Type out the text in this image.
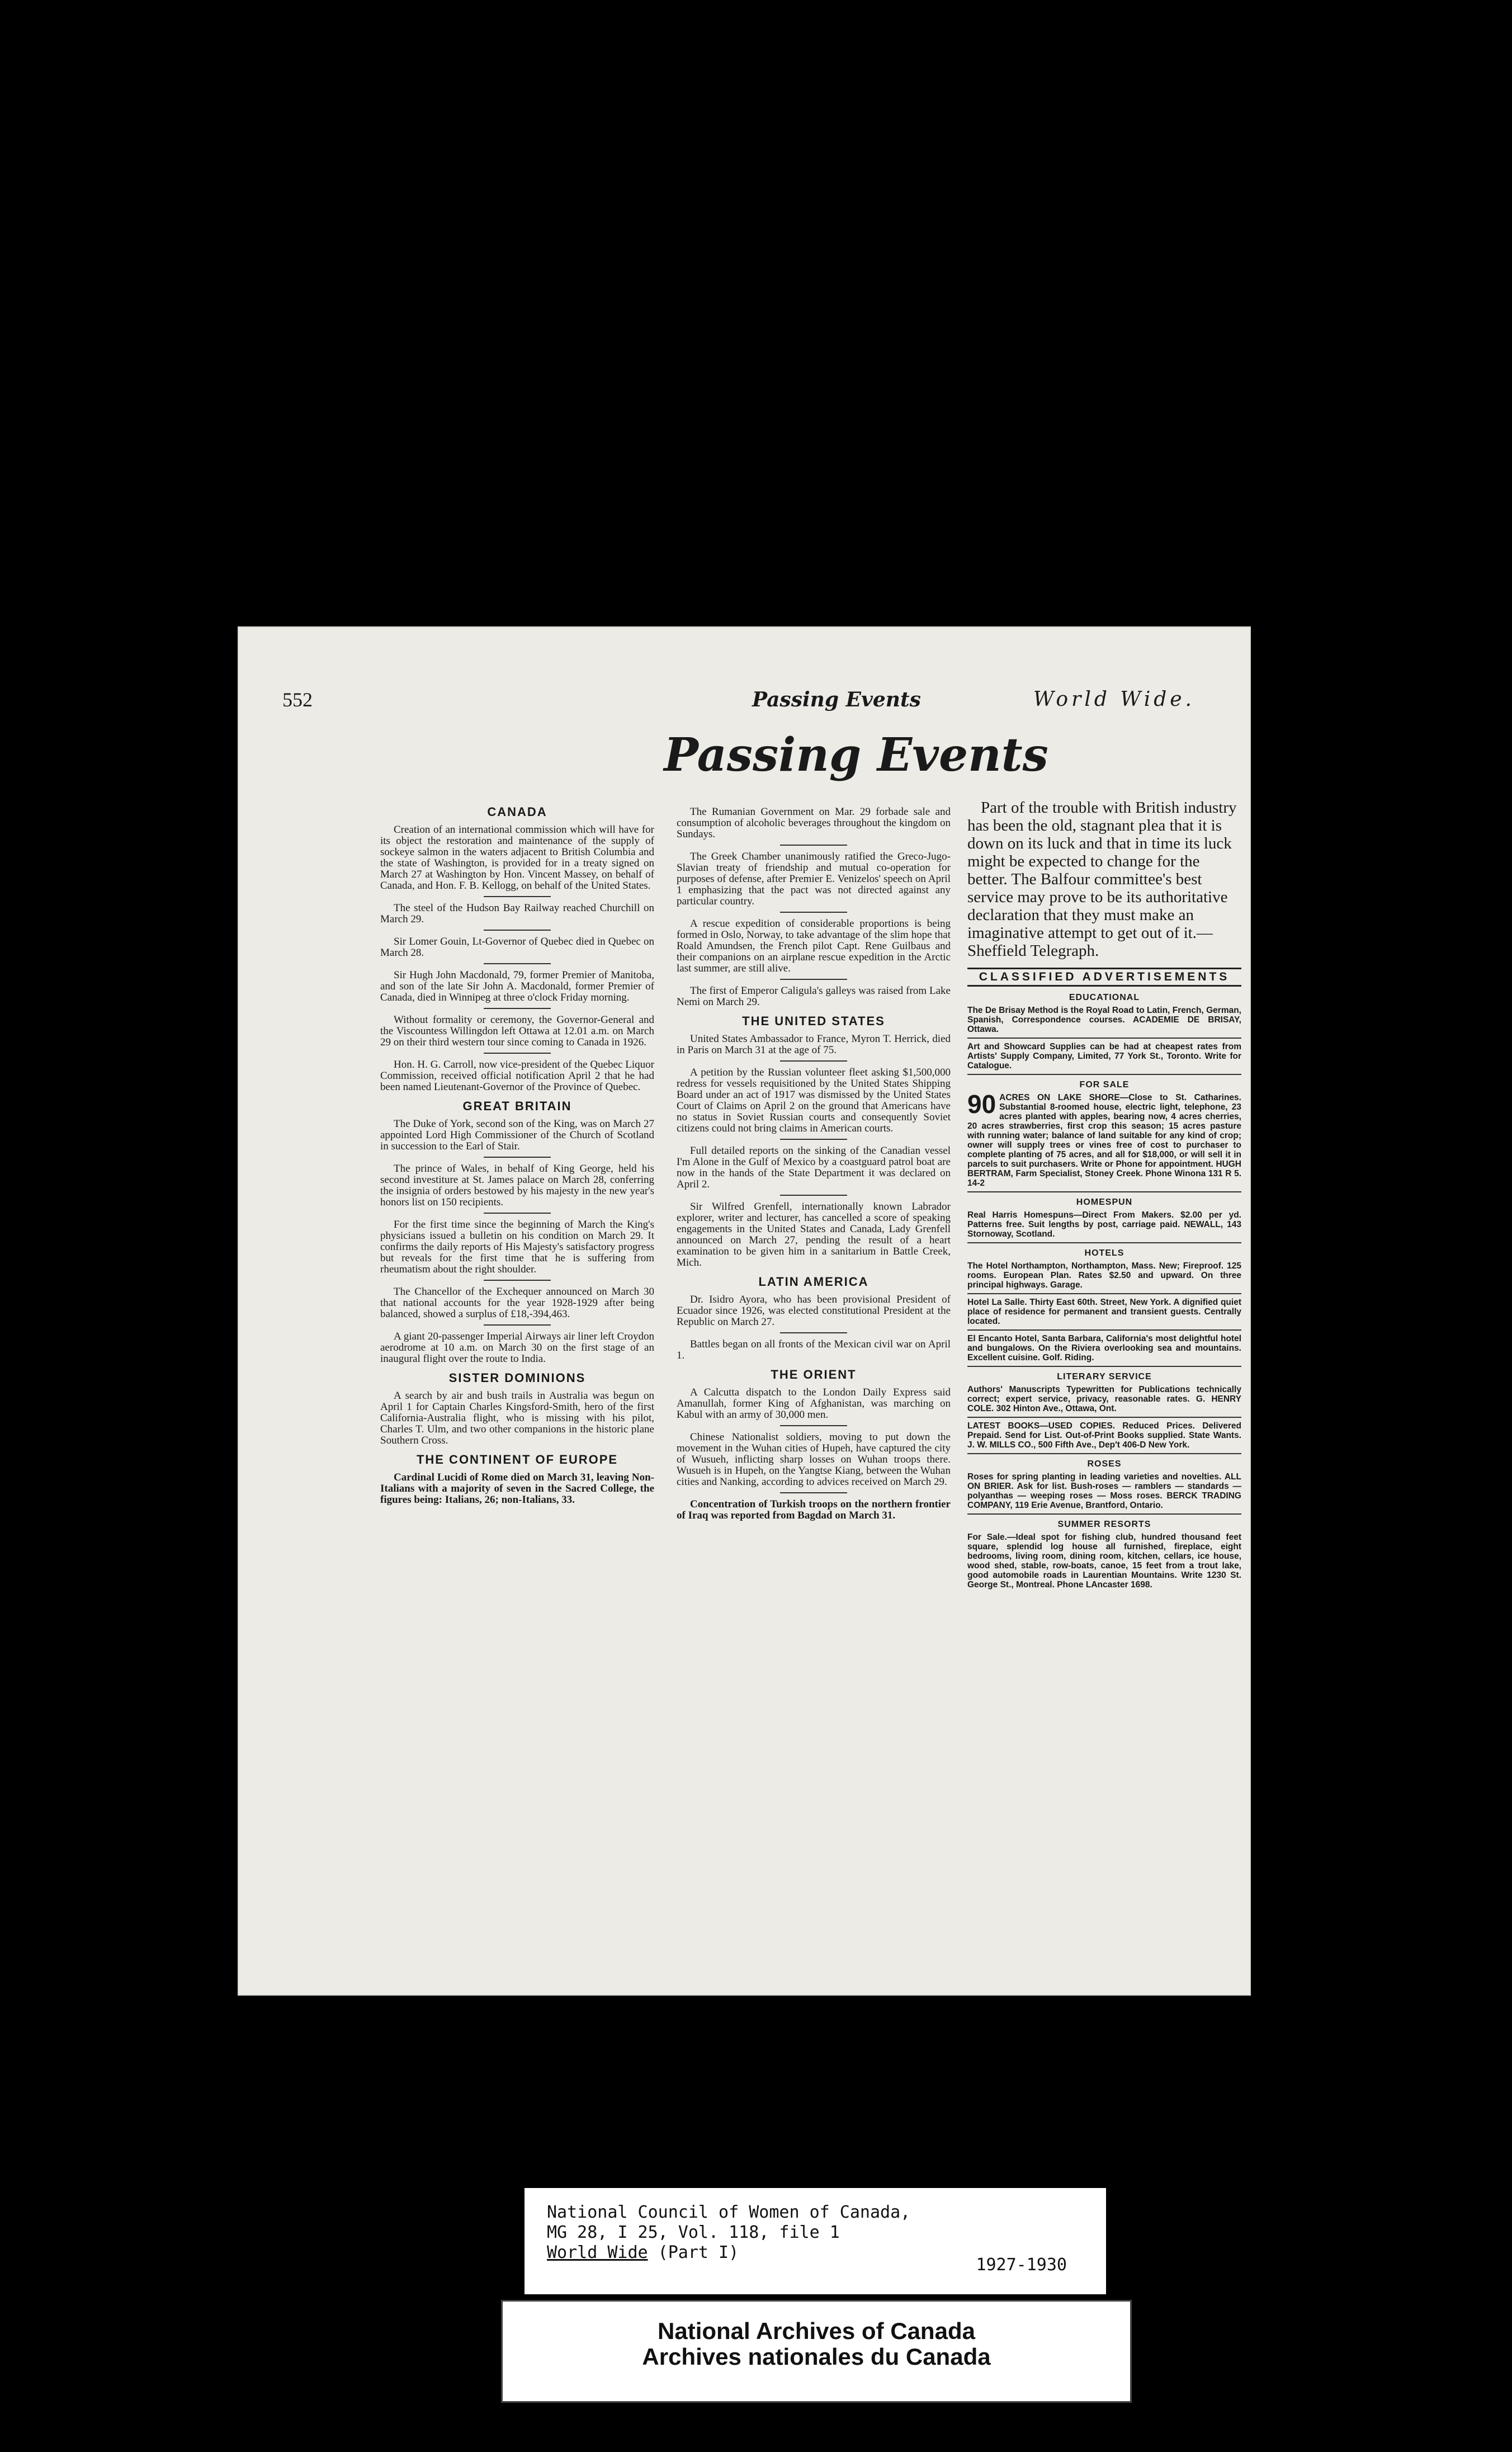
552	Passing Events	World Wide.
Passing Events
CANADA

Creation of an international commission which will have for its object the restoration and maintenance of the supply of sockeye salmon in the waters adjacent to British Columbia and the state of Washington, is provided for in a treaty signed on March 27 at Washington by Hon. Vincent Massey, on behalf of Canada, and Hon. F. B. Kellogg, on behalf of the United States.

The steel of the Hudson Bay Railway reached Churchill on March 29.

Sir Lomer Gouin, Lt-Governor of Quebec died in Quebec on March 28.

Sir Hugh John Macdonald, 79, former Premier of Manitoba, and son of the late Sir John A. Macdonald, former Premier of Canada, died in Winnipeg at three o'clock Friday morning.

Without formality or ceremony, the Governor-General and the Viscountess Willingdon left Ottawa at 12.01 a.m. on March 29 on their third western tour since coming to Canada in 1926.

Hon. H. G. Carroll, now vice-president of the Quebec Liquor Commission, received official notification April 2 that he had been named Lieutenant-Governor of the Province of Quebec.

GREAT BRITAIN

The Duke of York, second son of the King, was on March 27 appointed Lord High Commissioner of the Church of Scotland in succession to the Earl of Stair.

The prince of Wales, in behalf of King George, held his second investiture at St. James palace on March 28, conferring the insignia of orders bestowed by his majesty in the new year's honors list on 150 recipients.

For the first time since the beginning of March the King's physicians issued a bulletin on his condition on March 29. It confirms the daily reports of His Majesty's satisfactory progress but reveals for the first time that he is suffering from rheumatism about the right shoulder.

The Chancellor of the Exchequer announced on March 30 that national accounts for the year 1928-1929 after being balanced, showed a surplus of £18,-394,463.

A giant 20-passenger Imperial Airways air liner left Croydon aerodrome at 10 a.m. on March 30 on the first stage of an inaugural flight over the route to India.

SISTER DOMINIONS

A search by air and bush trails in Australia was begun on April 1 for Captain Charles Kingsford-Smith, hero of the first California-Australia flight, who is missing with his pilot, Charles T. Ulm, and two other companions in the historic plane Southern Cross.

THE CONTINENT OF EUROPE

Cardinal Lucidi of Rome died on March 31, leaving Non-Italians with a majority of seven in the Sacred College, the figures being: Italians, 26; non-Italians, 33.

The Rumanian Government on Mar. 29 forbade sale and consumption of alcoholic beverages throughout the kingdom on Sundays.

The Greek Chamber unanimously ratified the Greco-Jugo-Slavian treaty of friendship and mutual co-operation for purposes of defense, after Premier E. Venizelos' speech on April 1 emphasizing that the pact was not directed against any particular country.

A rescue expedition of considerable proportions is being formed in Oslo, Norway, to take advantage of the slim hope that Roald Amundsen, the French pilot Capt. Rene Guilbaus and their companions on an airplane rescue expedition in the Arctic last summer, are still alive.

The first of Emperor Caligula's galleys was raised from Lake Nemi on March 29.

THE UNITED STATES

United States Ambassador to France, Myron T. Herrick, died in Paris on March 31 at the age of 75.

A petition by the Russian volunteer fleet asking $1,500,000 redress for vessels requisitioned by the United States Shipping Board under an act of 1917 was dismissed by the United States Court of Claims on April 2 on the ground that Americans have no status in Soviet Russian courts and consequently Soviet citizens could not bring claims in American courts.

Full detailed reports on the sinking of the Canadian vessel I'm Alone in the Gulf of Mexico by a coastguard patrol boat are now in the hands of the State Department it was declared on April 2.

Sir Wilfred Grenfell, internationally known Labrador explorer, writer and lecturer, has cancelled a score of speaking engagements in the United States and Canada, Lady Grenfell announced on March 27, pending the result of a heart examination to be given him in a sanitarium in Battle Creek, Mich.

LATIN AMERICA

Dr. Isidro Ayora, who has been provisional President of Ecuador since 1926, was elected constitutional President at the Republic on March 27.

Battles began on all fronts of the Mexican civil war on April 1.

THE ORIENT

A Calcutta dispatch to the London Daily Express said Amanullah, former King of Afghanistan, was marching on Kabul with an army of 30,000 men.

Chinese Nationalist soldiers, moving to put down the movement in the Wuhan cities of Hupeh, have captured the city of Wusueh, inflicting sharp losses on Wuhan troops there. Wusueh is in Hupeh, on the Yangtse Kiang, between the Wuhan cities and Nanking, according to advices received on March 29.

Concentration of Turkish troops on the northern frontier of Iraq was reported from Bagdad on March 31.

Part of the trouble with British industry has been the old, stagnant plea that it is down on its luck and that in time its luck might be expected to change for the better. The Balfour committee's best service may prove to be its authoritative declaration that they must make an imaginative attempt to get out of it.—Sheffield Telegraph.

CLASSIFIED ADVERTISEMENTS
EDUCATIONAL

The De Brisay Method is the Royal Road to Latin, French, German, Spanish, Correspondence courses. ACADEMIE DE BRISAY, Ottawa.

Art and Showcard Supplies can be had at cheapest rates from Artists' Supply Company, Limited, 77 York St., Toronto. Write for Catalogue.

FOR SALE

90 ACRES ON LAKE SHORE—Close to St. Catharines. Substantial 8-roomed house, electric light, telephone, 23 acres planted with apples, bearing now, 4 acres cherries, 20 acres strawberries, first crop this season; 15 acres pasture with running water; balance of land suitable for any kind of crop; owner will supply trees or vines free of cost to purchaser to complete planting of 75 acres, and all for $18,000, or will sell it in parcels to suit purchasers. Write or Phone for appointment. HUGH BERTRAM, Farm Specialist, Stoney Creek. Phone Winona 131 R 5. 14-2

HOMESPUN

Real Harris Homespuns—Direct From Makers. $2.00 per yd. Patterns free. Suit lengths by post, carriage paid. NEWALL, 143 Stornoway, Scotland.

HOTELS

The Hotel Northampton, Northampton, Mass. New; Fireproof. 125 rooms. European Plan. Rates $2.50 and upward. On three principal highways. Garage.

Hotel La Salle. Thirty East 60th. Street, New York. A dignified quiet place of residence for permanent and transient guests. Centrally located.

El Encanto Hotel, Santa Barbara, California's most delightful hotel and bungalows. On the Riviera overlooking sea and mountains. Excellent cuisine. Golf. Riding.

LITERARY SERVICE

Authors' Manuscripts Typewritten for Publications technically correct; expert service, privacy, reasonable rates. G. HENRY COLE. 302 Hinton Ave., Ottawa, Ont.

LATEST BOOKS—USED COPIES. Reduced Prices. Delivered Prepaid. Send for List. Out-of-Print Books supplied. State Wants. J. W. MILLS CO., 500 Fifth Ave., Dep't 406-D New York.

ROSES

Roses for spring planting in leading varieties and novelties. ALL ON BRIER. Ask for list. Bush-roses — ramblers — standards — polyanthas — weeping roses — Moss roses. BERCK TRADING COMPANY, 119 Erie Avenue, Brantford, Ontario.

SUMMER RESORTS

For Sale.—Ideal spot for fishing club, hundred thousand feet square, splendid log house all furnished, fireplace, eight bedrooms, living room, dining room, kitchen, cellars, ice house, wood shed, stable, row-boats, canoe, 15 feet from a trout lake, good automobile roads in Laurentian Mountains. Write 1230 St. George St., Montreal. Phone LAncaster 1698.

National Council of Women of Canada,
MG 28, I 25, Vol. 118, file 1
World Wide (Part I)
1927-1930
National Archives of Canada
Archives nationales du Canada
